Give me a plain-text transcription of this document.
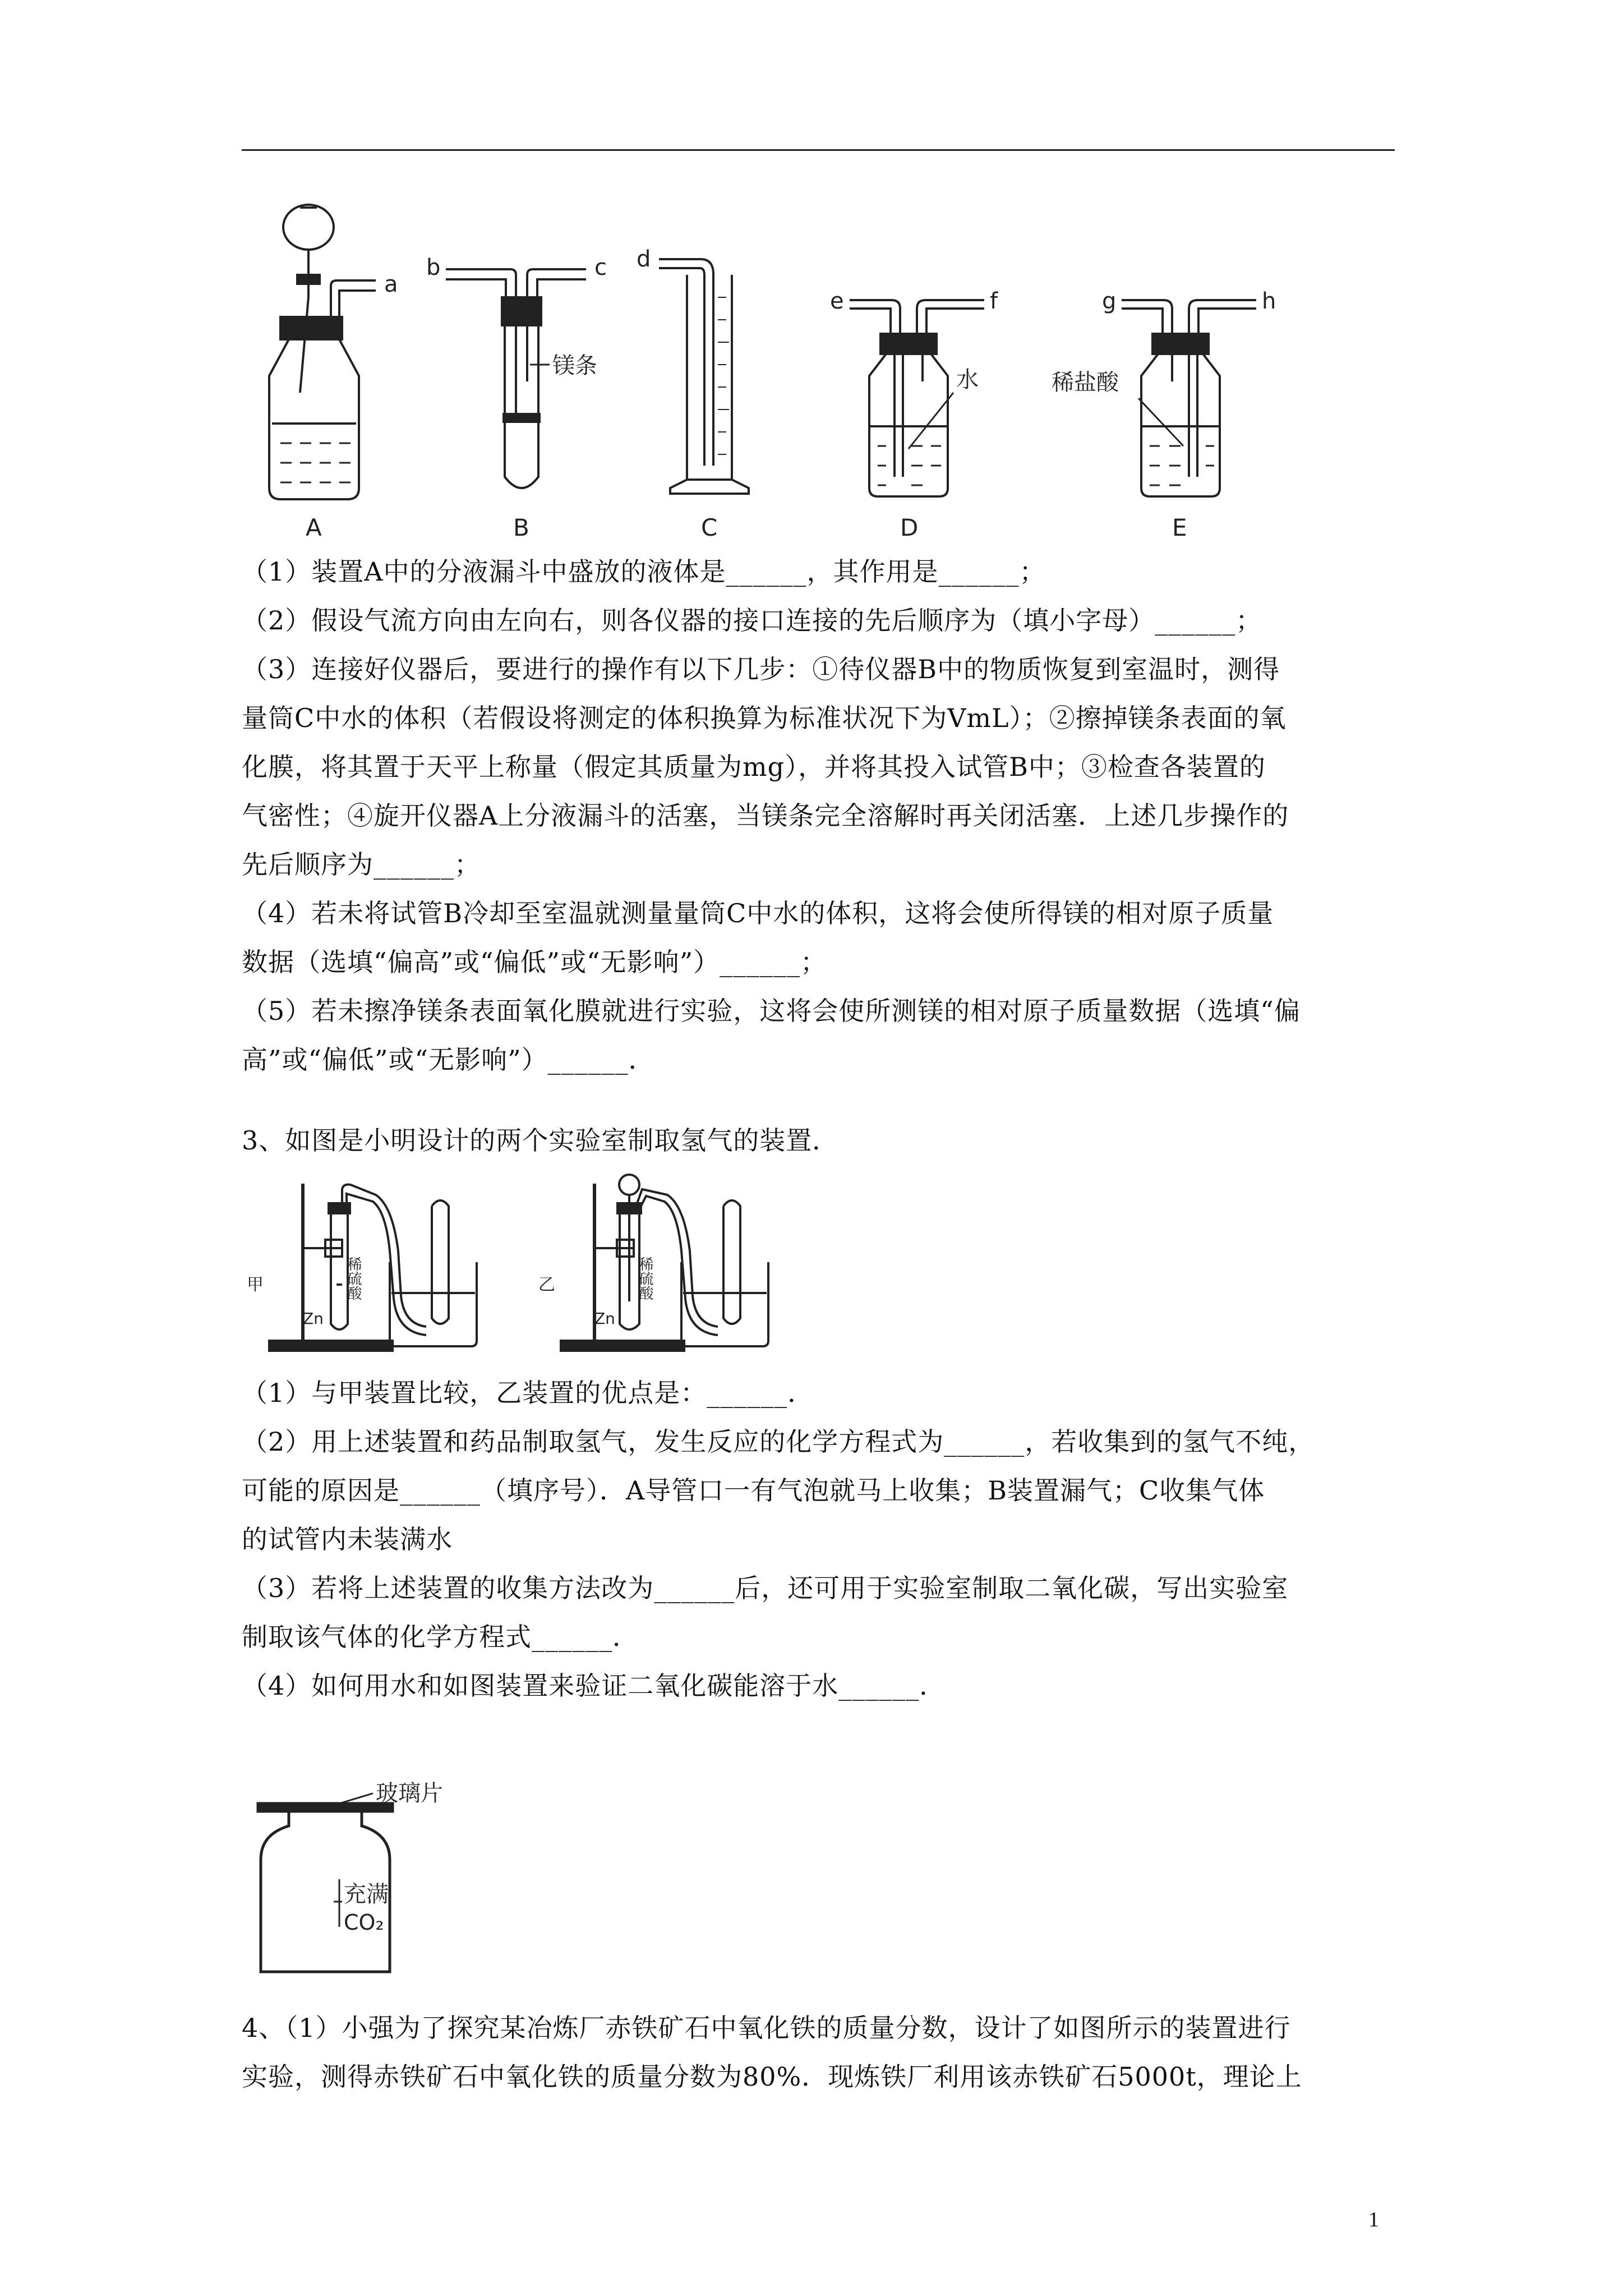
a
A
b	c
镁条
B
d
C
e	f
水
D
g	h
稀盐酸
E
（1）装置A中的分液漏斗中盛放的液体是______，其作用是______；
（2）假设气流方向由左向右，则各仪器的接口连接的先后顺序为（填小字母）______；
（3）连接好仪器后，要进行的操作有以下几步：①待仪器B中的物质恢复到室温时，测得
量筒C中水的体积（若假设将测定的体积换算为标准状况下为VmL）；②擦掉镁条表面的氧
化膜，将其置于天平上称量（假定其质量为mg），并将其投入试管B中；③检查各装置的
气密性；④旋开仪器A上分液漏斗的活塞，当镁条完全溶解时再关闭活塞．上述几步操作的
先后顺序为______；
（4）若未将试管B冷却至室温就测量量筒C中水的体积，这将会使所得镁的相对原子质量
数据（选填“偏高”或“偏低”或“无影响”）______；
（5）若未擦净镁条表面氧化膜就进行实验，这将会使所测镁的相对原子质量数据（选填“偏
高”或“偏低”或“无影响”）______．
3、如图是小明设计的两个实验室制取氢气的装置．
甲
Zn
稀硫酸	乙
Zn
稀硫酸
（1）与甲装置比较，乙装置的优点是：______．
（2）用上述装置和药品制取氢气，发生反应的化学方程式为______，若收集到的氢气不纯，
可能的原因是______（填序号）．A导管口一有气泡就马上收集；B装置漏气；C收集气体
的试管内未装满水
（3）若将上述装置的收集方法改为______后，还可用于实验室制取二氧化碳，写出实验室
制取该气体的化学方程式______．
（4）如何用水和如图装置来验证二氧化碳能溶于水______．
玻璃片
充满
CO₂
4、（1）小强为了探究某冶炼厂赤铁矿石中氧化铁的质量分数，设计了如图所示的装置进行
实验，测得赤铁矿石中氧化铁的质量分数为80%．现炼铁厂利用该赤铁矿石5000t，理论上
1
